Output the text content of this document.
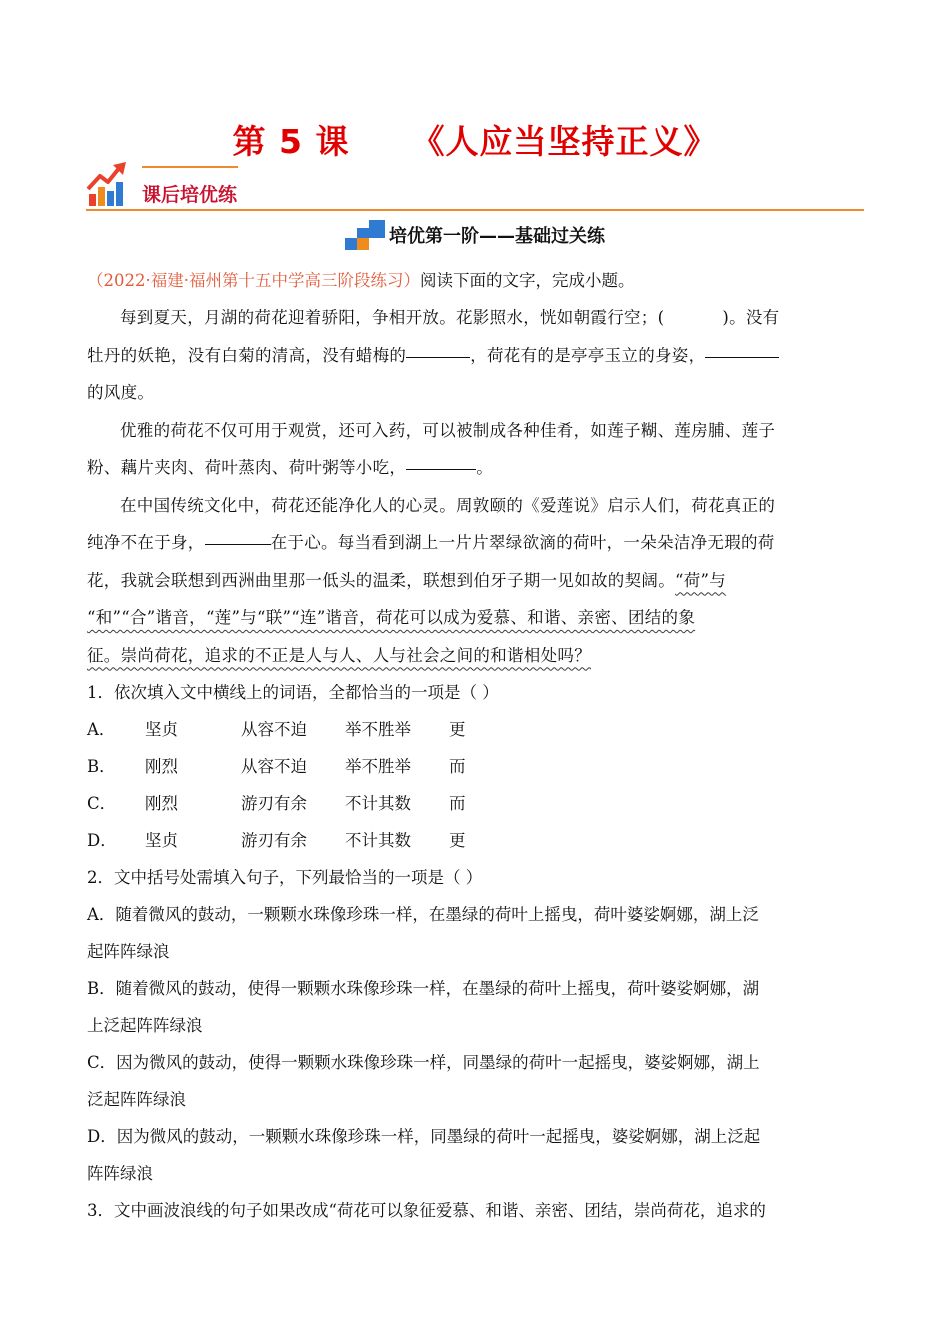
第 5 课 《人应当坚持正义》
课后培优练
培优第一阶——基础过关练
（2022·福建·福州第十五中学高三阶段练习）阅读下面的文字，完成小题。
每到夏天，月湖的荷花迎着骄阳，争相开放。花影照水，恍如朝霞行空；(	)。没有
牡丹的妖艳，没有白菊的清高，没有蜡梅的	，荷花有的是亭亭玉立的身姿，
的风度。
优雅的荷花不仅可用于观赏，还可入药，可以被制成各种佳肴，如莲子糊、莲房脯、莲子
粉、藕片夹肉、荷叶蒸肉、荷叶粥等小吃，	。
在中国传统文化中，荷花还能净化人的心灵。周敦颐的《爱莲说》启示人们，荷花真正的
纯净不在于身，	在于心。每当看到湖上一片片翠绿欲滴的荷叶，一朵朵洁净无瑕的荷
花，我就会联想到西洲曲里那一低头的温柔，联想到伯牙子期一见如故的契阔。“荷”与
“和”“合”谐音，“莲”与“联”“连”谐音，荷花可以成为爱慕、和谐、亲密、团结的象
征。崇尚荷花，追求的不正是人与人、人与社会之间的和谐相处吗？
1．依次填入文中横线上的词语，全都恰当的一项是（ ）
A． 坚贞	从容不迫 举不胜举 更
B． 刚烈	从容不迫 举不胜举 而
C． 刚烈	游刃有余 不计其数 而
D． 坚贞	游刃有余 不计其数 更
2．文中括号处需填入句子，下列最恰当的一项是（ ）
A．随着微风的鼓动，一颗颗水珠像珍珠一样，在墨绿的荷叶上摇曳，荷叶婆娑婀娜，湖上泛
起阵阵绿浪
B．随着微风的鼓动，使得一颗颗水珠像珍珠一样，在墨绿的荷叶上摇曳，荷叶婆娑婀娜，湖
上泛起阵阵绿浪
C．因为微风的鼓动，使得一颗颗水珠像珍珠一样，同墨绿的荷叶一起摇曳，婆娑婀娜，湖上
泛起阵阵绿浪
D．因为微风的鼓动，一颗颗水珠像珍珠一样，同墨绿的荷叶一起摇曳，婆娑婀娜，湖上泛起
阵阵绿浪
3．文中画波浪线的句子如果改成“荷花可以象征爱慕、和谐、亲密、团结，崇尚荷花，追求的
